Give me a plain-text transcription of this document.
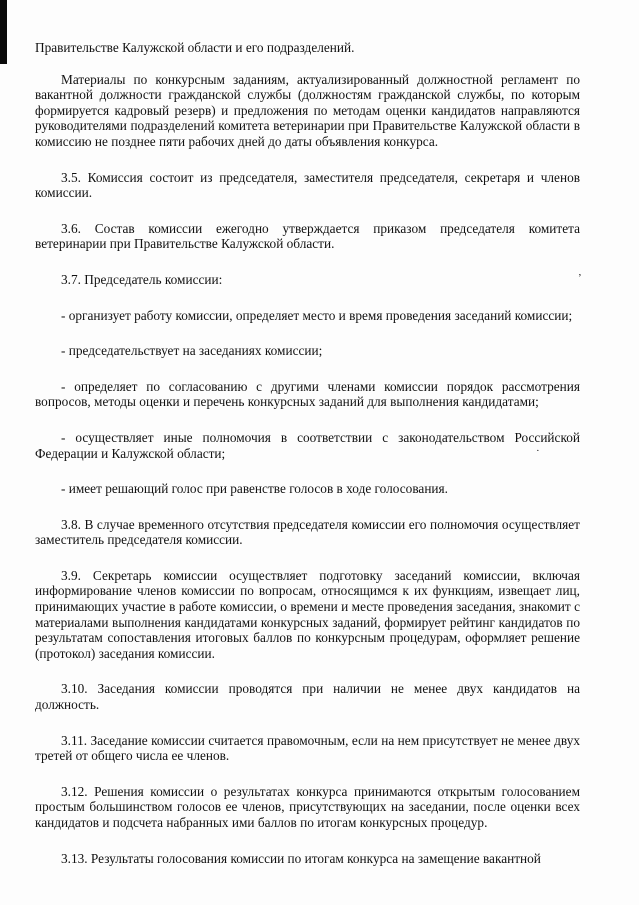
Правительстве Калужской области и его подразделений.

Материалы по конкурсным заданиям, актуализированный должностной регламент по вакантной должности гражданской службы (должностям гражданской службы, по которым формируется кадровый резерв) и предложения по методам оценки кандидатов направляются руководителями подразделений комитета ветеринарии при Правительстве Калужской области в комиссию не позднее пяти рабочих дней до даты объявления конкурса.

3.5. Комиссия состоит из председателя, заместителя председателя, секретаря и членов комиссии.

3.6. Состав комиссии ежегодно утверждается приказом председателя комитета ветеринарии при Правительстве Калужской области.

3.7. Председатель комиссии:

- организует работу комиссии, определяет место и время проведения заседаний комиссии;

- председательствует на заседаниях комиссии;

- определяет по согласованию с другими членами комиссии порядок рассмотрения вопросов, методы оценки и перечень конкурсных заданий для выполнения кандидатами;

- осуществляет иные полномочия в соответствии с законодательством Российской Федерации и Калужской области;

- имеет решающий голос при равенстве голосов в ходе голосования.

3.8. В случае временного отсутствия председателя комиссии его полномочия осуществляет заместитель председателя комиссии.

3.9. Секретарь комиссии осуществляет подготовку заседаний комиссии, включая информирование членов комиссии по вопросам, относящимся к их функциям, извещает лиц, принимающих участие в работе комиссии, о времени и месте проведения заседания, знакомит с материалами выполнения кандидатами конкурсных заданий, формирует рейтинг кандидатов по результатам сопоставления итоговых баллов по конкурсным процедурам, оформляет решение (протокол) заседания комиссии.

3.10. Заседания комиссии проводятся при наличии не менее двух кандидатов на должность.

3.11. Заседание комиссии считается правомочным, если на нем присутствует не менее двух третей от общего числа ее членов.

3.12. Решения комиссии о результатах конкурса принимаются открытым голосованием простым большинством голосов ее членов, присутствующих на заседании, после оценки всех кандидатов и подсчета набранных ими баллов по итогам конкурсных процедур.

3.13. Результаты голосования комиссии по итогам конкурса на замещение вакантной

’
·
